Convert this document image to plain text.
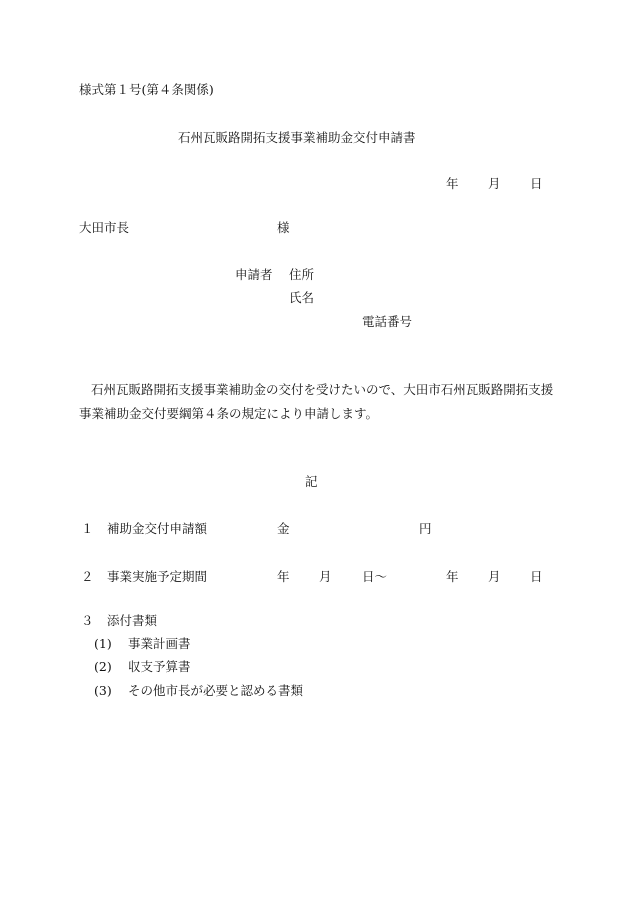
様式第１号(第４条関係)
石州瓦販路開拓支援事業補助金交付申請書
年 月 日
大田市長	様
申請者 住所
氏名
電話番号
石州瓦販路開拓支援事業補助金の交付を受けたいので、大田市石州瓦販路開拓支援事業補助金交付要綱第４条の規定により申請します。
記
１ 補助金交付申請額	金	円
２ 事業実施予定期間	年 月 日〜	年 月 日
３ 添付書類
(1) 事業計画書
(2) 収支予算書
(3) その他市長が必要と認める書類
